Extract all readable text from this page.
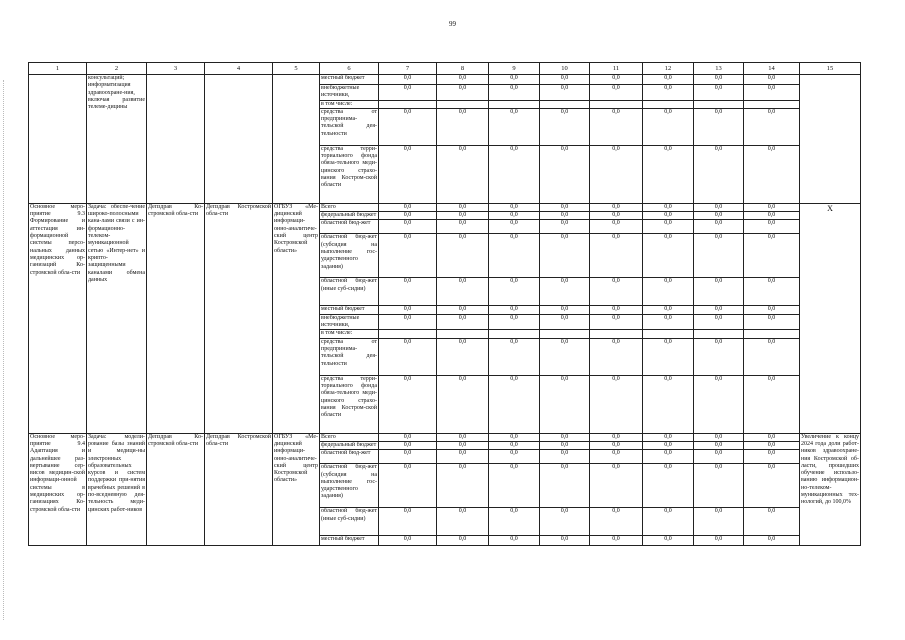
99
1	2	3	4	5	6	7	8	9	10	11	12	13	14	15
	консультаций; информатизация здравоохране-ния, включая развитие телеме-дицины				местный бюджет	0,0	0,0	0,0	0,0	0,0	0,0	0,0	0,0	
					внебюджетные источники,	0,0	0,0	0,0	0,0	0,0	0,0	0,0	0,0	
					в том числе:									
					средства от предпринима-тельской дея-тельности	0,0	0,0	0,0	0,0	0,0	0,0	0,0	0,0	
					средства терри-ториального фонда обяза-тельного меди-цинского страхо-вания Костром-ской области	0,0	0,0	0,0	0,0	0,0	0,0	0,0	0,0	
Основное меро-приятие 9.3 Формирование и аттестация ин-формационной системы персо-нальных данных медицинских ор-ганизаций Ко-стромской обла-сти	Задача: обеспе-чение широко-полосными кана-лами связи с ин-формационно-телеком-муникационной сетью «Интер-нет» и крипто-защищенными каналами обмена данных	Депздрав Ко-стромской обла-сти	Депздрав Костромской обла-сти	ОГБУЗ «Ме-дицинский информаци-онно-аналитиче-ский центр Костромской области»	Всего	0,0	0,0	0,0	0,0	0,0	0,0	0,0	0,0	Х
					федеральный бюджет	0,0	0,0	0,0	0,0	0,0	0,0	0,0	0,0	
					областной бюд-жет	0,0	0,0	0,0	0,0	0,0	0,0	0,0	0,0	
					областной бюд-жет (субсидия на выполнение гос-ударственного задания)	0,0	0,0	0,0	0,0	0,0	0,0	0,0	0,0	
					областной бюд-жет (иные суб-сидии)	0,0	0,0	0,0	0,0	0,0	0,0	0,0	0,0	
					местный бюджет	0,0	0,0	0,0	0,0	0,0	0,0	0,0	0,0	
					внебюджетные источники,	0,0	0,0	0,0	0,0	0,0	0,0	0,0	0,0	
					в том числе:									
					средства от предпринима-тельской дея-тельности	0,0	0,0	0,0	0,0	0,0	0,0	0,0	0,0	
					средства терри-ториального фонда обяза-тельного меди-цинского страхо-вания Костром-ской области	0,0	0,0	0,0	0,0	0,0	0,0	0,0	0,0	
Основное меро-приятие 9.4 Адаптация и дальнейшее раз-вертывание сер-висов медицин-ской информаци-онной системы в медицинских ор-ганизациях Ко-стромской обла-сти	Задача: модели-рование базы знаний и медици-ны электронных образовательных курсов и систем поддержки при-нятия врачебных решений в по-вседневную дея-тельность меди-цинских работ-ников	Депздрав Ко-стромской обла-сти	Депздрав Костромской обла-сти	ОГБУЗ «Ме-дицинский информаци-онно-аналитиче-ский центр Костромской области»	Всего	0,0	0,0	0,0	0,0	0,0	0,0	0,0	0,0	Увеличение к концу 2024 года доли работ-ников здравоохране-ния Костромской об-ласти, прошедших обучение использо-ванию информацион-но-телеком-муникационных тех-нологий, до 100,0%
					федеральный бюджет	0,0	0,0	0,0	0,0	0,0	0,0	0,0	0,0	
					областной бюд-жет	0,0	0,0	0,0	0,0	0,0	0,0	0,0	0,0	
					областной бюд-жет (субсидия на выполнение гос-ударственного задания)	0,0	0,0	0,0	0,0	0,0	0,0	0,0	0,0	
					областной бюд-жет (иные суб-сидии)	0,0	0,0	0,0	0,0	0,0	0,0	0,0	0,0	
					местный бюджет	0,0	0,0	0,0	0,0	0,0	0,0	0,0	0,0	
